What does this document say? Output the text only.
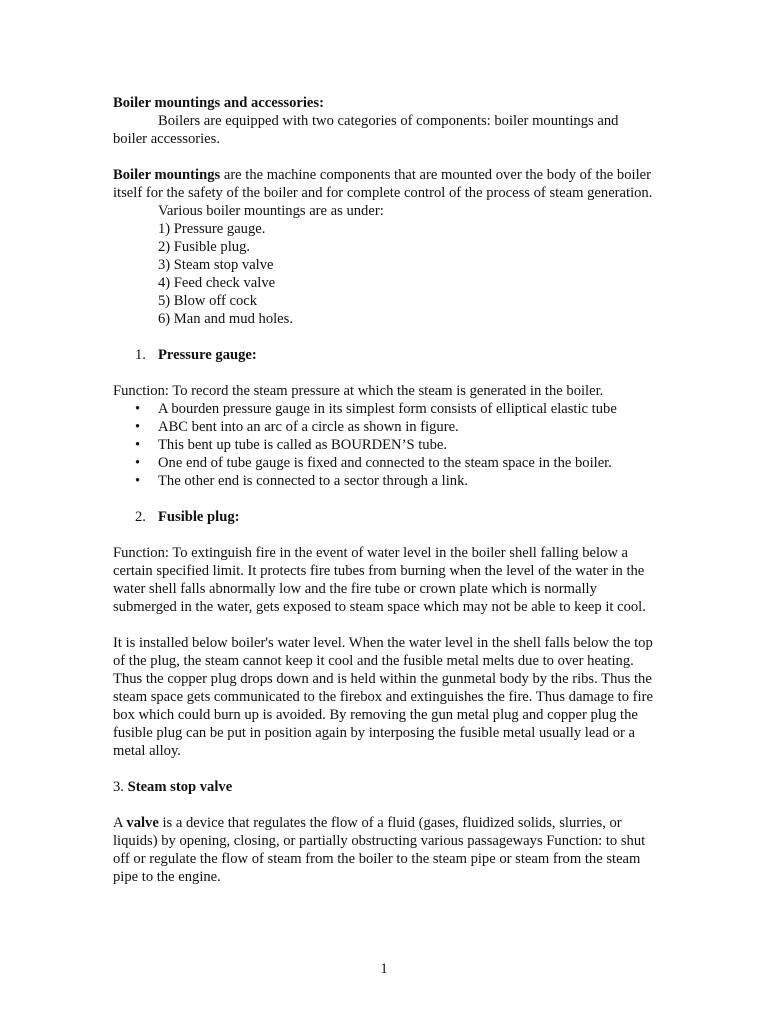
Boiler mountings and accessories:

Boilers are equipped with two categories of components: boiler mountings and boiler accessories.

Boiler mountings are the machine components that are mounted over the body of the boiler itself for the safety of the boiler and for complete control of the process of steam generation.

Various boiler mountings are as under:

1) Pressure gauge.

2) Fusible plug.

3) Steam stop valve

4) Feed check valve

5) Blow off cock

6) Man and mud holes.

1. Pressure gauge:

Function: To record the steam pressure at which the steam is generated in the boiler.

• A bourden pressure gauge in its simplest form consists of elliptical elastic tube
• ABC bent into an arc of a circle as shown in figure.
• This bent up tube is called as BOURDEN’S tube.
• One end of tube gauge is fixed and connected to the steam space in the boiler.
• The other end is connected to a sector through a link.

2. Fusible plug:

Function: To extinguish fire in the event of water level in the boiler shell falling below a certain specified limit. It protects fire tubes from burning when the level of the water in the water shell falls abnormally low and the fire tube or crown plate which is normally submerged in the water, gets exposed to steam space which may not be able to keep it cool.

It is installed below boiler's water level. When the water level in the shell falls below the top of the plug, the steam cannot keep it cool and the fusible metal melts due to over heating. Thus the copper plug drops down and is held within the gunmetal body by the ribs. Thus the steam space gets communicated to the firebox and extinguishes the fire. Thus damage to fire box which could burn up is avoided. By removing the gun metal plug and copper plug the fusible plug can be put in position again by interposing the fusible metal usually lead or a metal alloy.

3. Steam stop valve

A valve is a device that regulates the flow of a fluid (gases, fluidized solids, slurries, or liquids) by opening, closing, or partially obstructing various passageways Function: to shut off or regulate the flow of steam from the boiler to the steam pipe or steam from the steam pipe to the engine.

1
